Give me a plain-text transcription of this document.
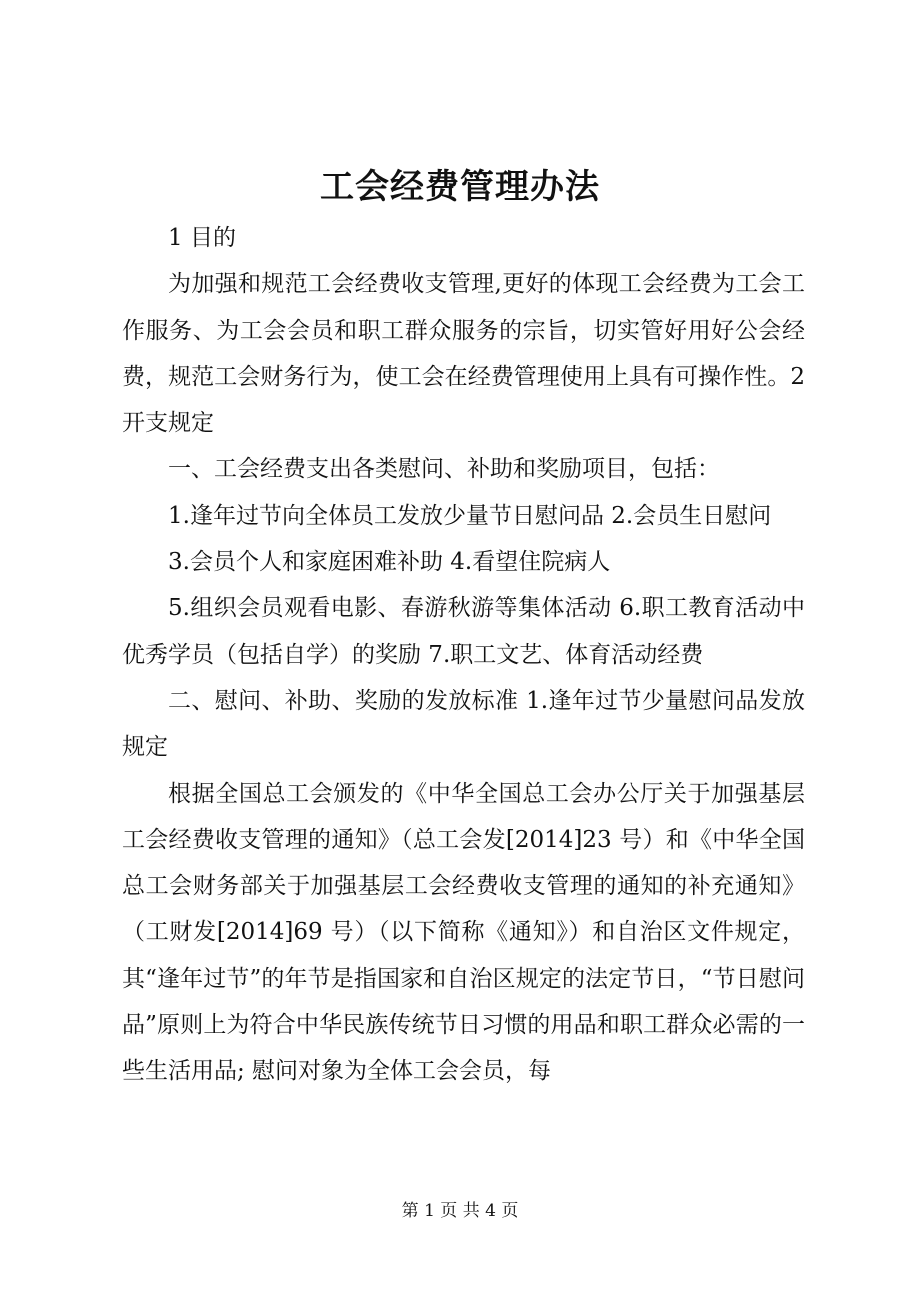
工会经费管理办法

1 目的

为加强和规范工会经费收支管理,更好的体现工会经费为工会工作服务、为工会会员和职工群众服务的宗旨，切实管好用好公会经费，规范工会财务行为，使工会在经费管理使用上具有可操作性。2 开支规定

一、工会经费支出各类慰问、补助和奖励项目，包括：

1.逢年过节向全体员工发放少量节日慰问品 2.会员生日慰问

3.会员个人和家庭困难补助 4.看望住院病人

5.组织会员观看电影、春游秋游等集体活动 6.职工教育活动中优秀学员（包括自学）的奖励 7.职工文艺、体育活动经费

二、慰问、补助、奖励的发放标准 1.逢年过节少量慰问品发放规定

根据全国总工会颁发的《中华全国总工会办公厅关于加强基层工会经费收支管理的通知》（总工会发[2014]23 号）和《中华全国总工会财务部关于加强基层工会经费收支管理的通知的补充通知》（工财发[2014]69 号）（以下简称《通知》）和自治区文件规定，其“逢年过节”的年节是指国家和自治区规定的法定节日，“节日慰问品”原则上为符合中华民族传统节日习惯的用品和职工群众必需的一些生活用品; 慰问对象为全体工会会员，每

第 1 页 共 4 页
